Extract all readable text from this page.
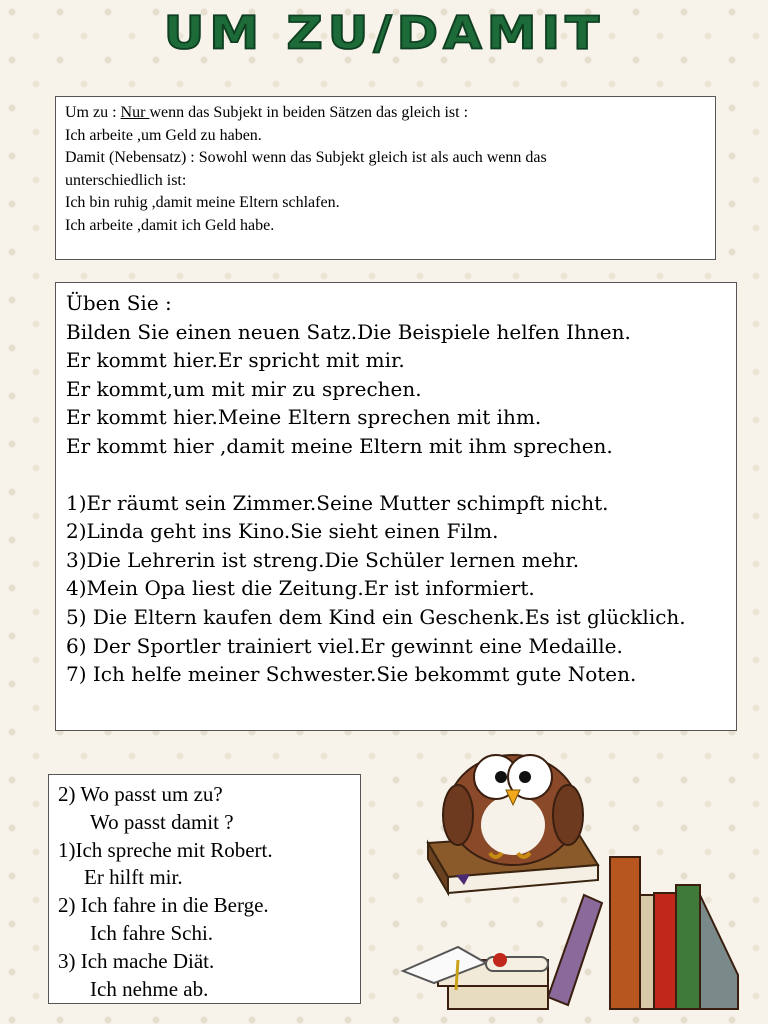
UM ZU/DAMIT
Um zu : Nur wenn das Subjekt in beiden Sätzen das gleich ist :
Ich arbeite ,um Geld zu haben.
Damit (Nebensatz) : Sowohl wenn das Subjekt gleich ist als auch wenn das
unterschiedlich ist:
Ich bin ruhig ,damit meine Eltern schlafen.
Ich arbeite ,damit ich Geld habe.
Üben Sie :
Bilden Sie einen neuen Satz.Die Beispiele helfen Ihnen.
Er kommt hier.Er spricht mit mir.
Er kommt,um mit mir zu sprechen.
Er kommt hier.Meine Eltern sprechen mit ihm.
Er kommt hier ,damit meine Eltern mit ihm sprechen.
1)Er räumt sein Zimmer.Seine Mutter schimpft nicht.
2)Linda geht ins Kino.Sie sieht einen Film.
3)Die Lehrerin ist streng.Die Schüler lernen mehr.
4)Mein Opa liest die Zeitung.Er ist informiert.
5) Die Eltern kaufen dem Kind ein Geschenk.Es ist glücklich.
6) Der Sportler trainiert viel.Er gewinnt eine Medaille.
7) Ich helfe meiner Schwester.Sie bekommt gute Noten.
2) Wo passt um zu?
Wo passt damit ?
1)Ich spreche mit Robert.
Er hilft mir.
2) Ich fahre in die Berge.
Ich fahre Schi.
3) Ich mache Diät.
Ich nehme ab.
